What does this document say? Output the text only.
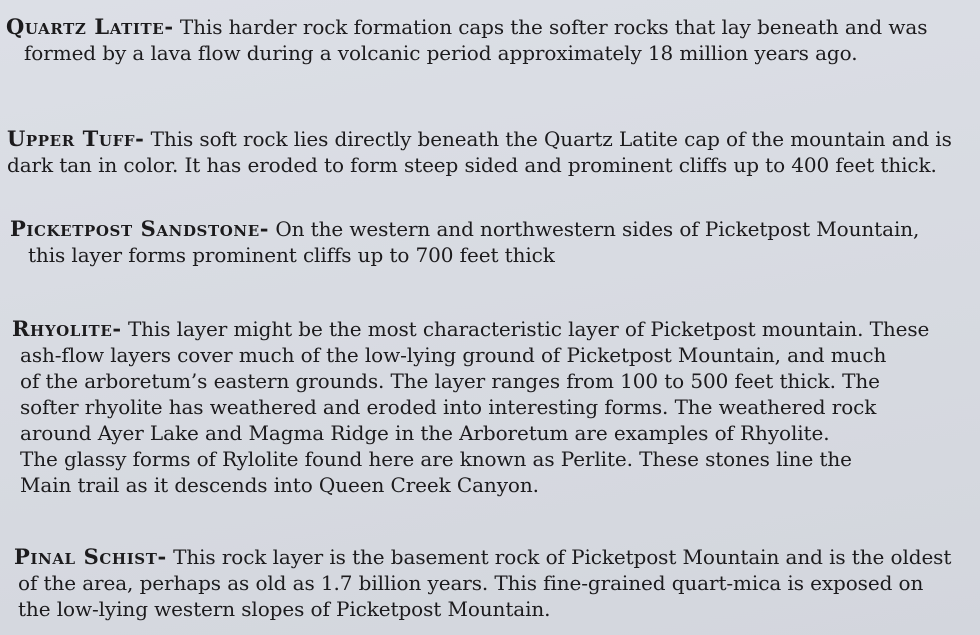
Quartz Latite- This harder rock formation caps the softer rocks that lay beneath and was
formed by a lava flow during a volcanic period approximately 18 million years ago.
Upper Tuff- This soft rock lies directly beneath the Quartz Latite cap of the mountain and is
dark tan in color. It has eroded to form steep sided and prominent cliffs up to 400 feet thick.
Picketpost Sandstone- On the western and northwestern sides of Picketpost Mountain,
this layer forms prominent cliffs up to 700 feet thick
Rhyolite- This layer might be the most characteristic layer of Picketpost mountain. These
ash-flow layers cover much of the low-lying ground of Picketpost Mountain, and much
of the arboretum’s eastern grounds. The layer ranges from 100 to 500 feet thick. The
softer rhyolite has weathered and eroded into interesting forms. The weathered rock
around Ayer Lake and Magma Ridge in the Arboretum are examples of Rhyolite.
The glassy forms of Rylolite found here are known as Perlite. These stones line the
Main trail as it descends into Queen Creek Canyon.
Pinal Schist- This rock layer is the basement rock of Picketpost Mountain and is the oldest
of the area, perhaps as old as 1.7 billion years. This fine-grained quart-mica is exposed on
the low-lying western slopes of Picketpost Mountain.
